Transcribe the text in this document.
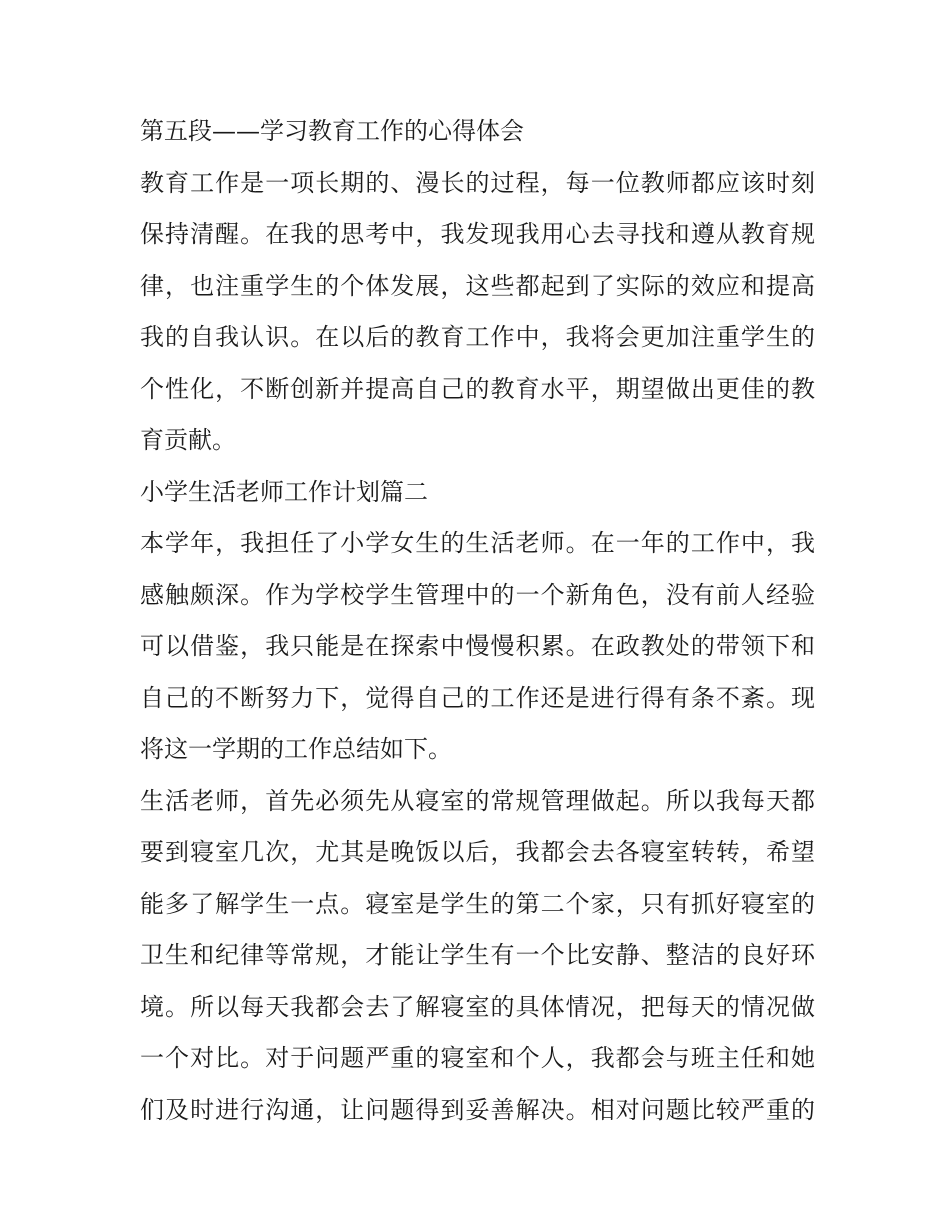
第五段——学习教育工作的心得体会
教育工作是一项长期的、漫长的过程，每一位教师都应该时刻
保持清醒。在我的思考中，我发现我用心去寻找和遵从教育规
律，也注重学生的个体发展，这些都起到了实际的效应和提高
我的自我认识。在以后的教育工作中，我将会更加注重学生的
个性化，不断创新并提高自己的教育水平，期望做出更佳的教
育贡献。
小学生活老师工作计划篇二
本学年，我担任了小学女生的生活老师。在一年的工作中，我
感触颇深。作为学校学生管理中的一个新角色，没有前人经验
可以借鉴，我只能是在探索中慢慢积累。在政教处的带领下和
自己的不断努力下，觉得自己的工作还是进行得有条不紊。现
将这一学期的工作总结如下。
生活老师，首先必须先从寝室的常规管理做起。所以我每天都
要到寝室几次，尤其是晚饭以后，我都会去各寝室转转，希望
能多了解学生一点。寝室是学生的第二个家，只有抓好寝室的
卫生和纪律等常规，才能让学生有一个比安静、整洁的良好环
境。所以每天我都会去了解寝室的具体情况，把每天的情况做
一个对比。对于问题严重的寝室和个人，我都会与班主任和她
们及时进行沟通，让问题得到妥善解决。相对问题比较严重的
